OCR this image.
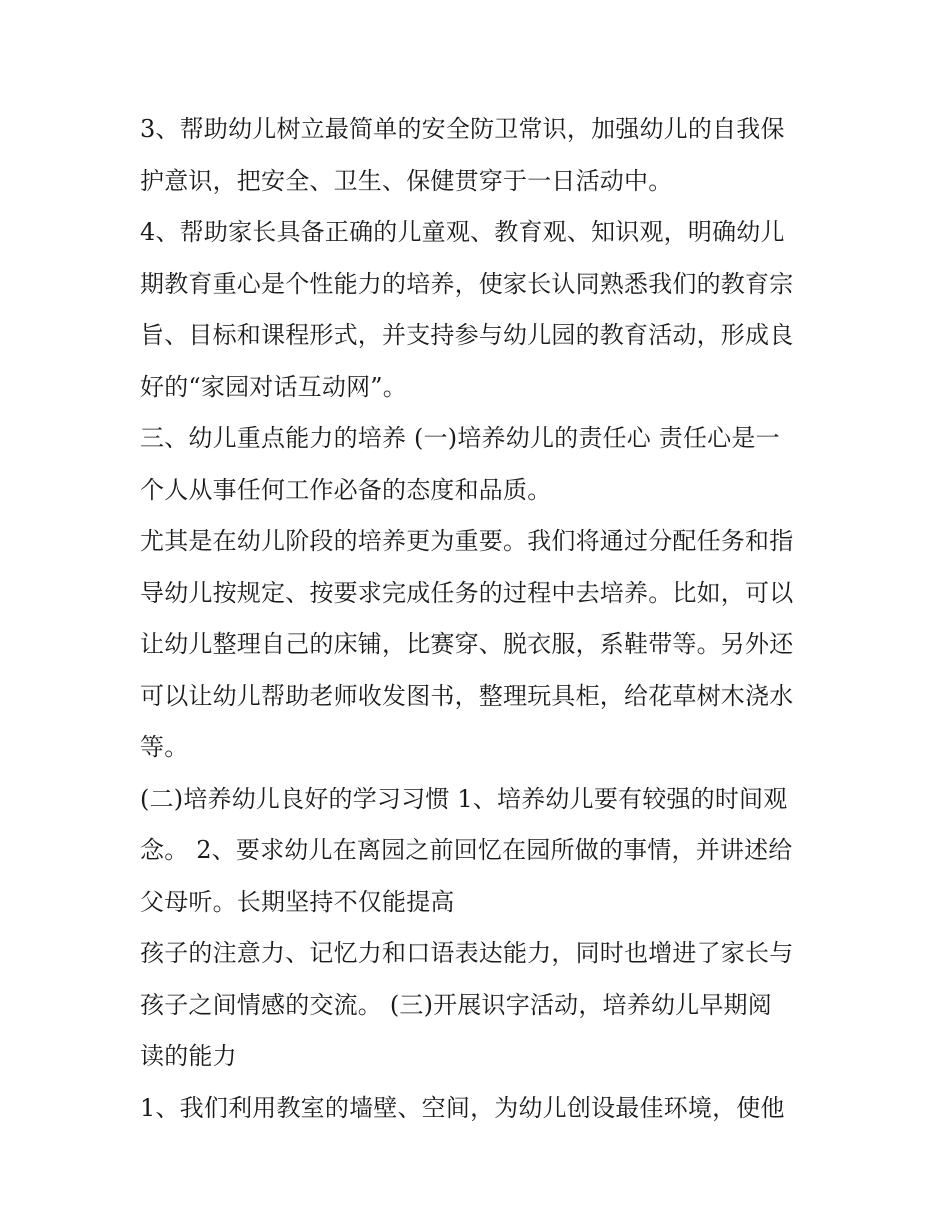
3、帮助幼儿树立最简单的安全防卫常识，加强幼儿的自我保
护意识，把安全、卫生、保健贯穿于一日活动中。
4、帮助家长具备正确的儿童观、教育观、知识观，明确幼儿
期教育重心是个性能力的培养，使家长认同熟悉我们的教育宗
旨、目标和课程形式，并支持参与幼儿园的教育活动，形成良
好的“家园对话互动网”。
三、幼儿重点能力的培养 (一)培养幼儿的责任心 责任心是一
个人从事任何工作必备的态度和品质。
尤其是在幼儿阶段的培养更为重要。我们将通过分配任务和指
导幼儿按规定、按要求完成任务的过程中去培养。比如，可以
让幼儿整理自己的床铺，比赛穿、脱衣服，系鞋带等。另外还
可以让幼儿帮助老师收发图书，整理玩具柜，给花草树木浇水
等。
(二)培养幼儿良好的学习习惯 1、培养幼儿要有较强的时间观
念。 2、要求幼儿在离园之前回忆在园所做的事情，并讲述给
父母听。长期坚持不仅能提高
孩子的注意力、记忆力和口语表达能力，同时也增进了家长与
孩子之间情感的交流。 (三)开展识字活动，培养幼儿早期阅
读的能力
1、我们利用教室的墙壁、空间，为幼儿创设最佳环境，使他
